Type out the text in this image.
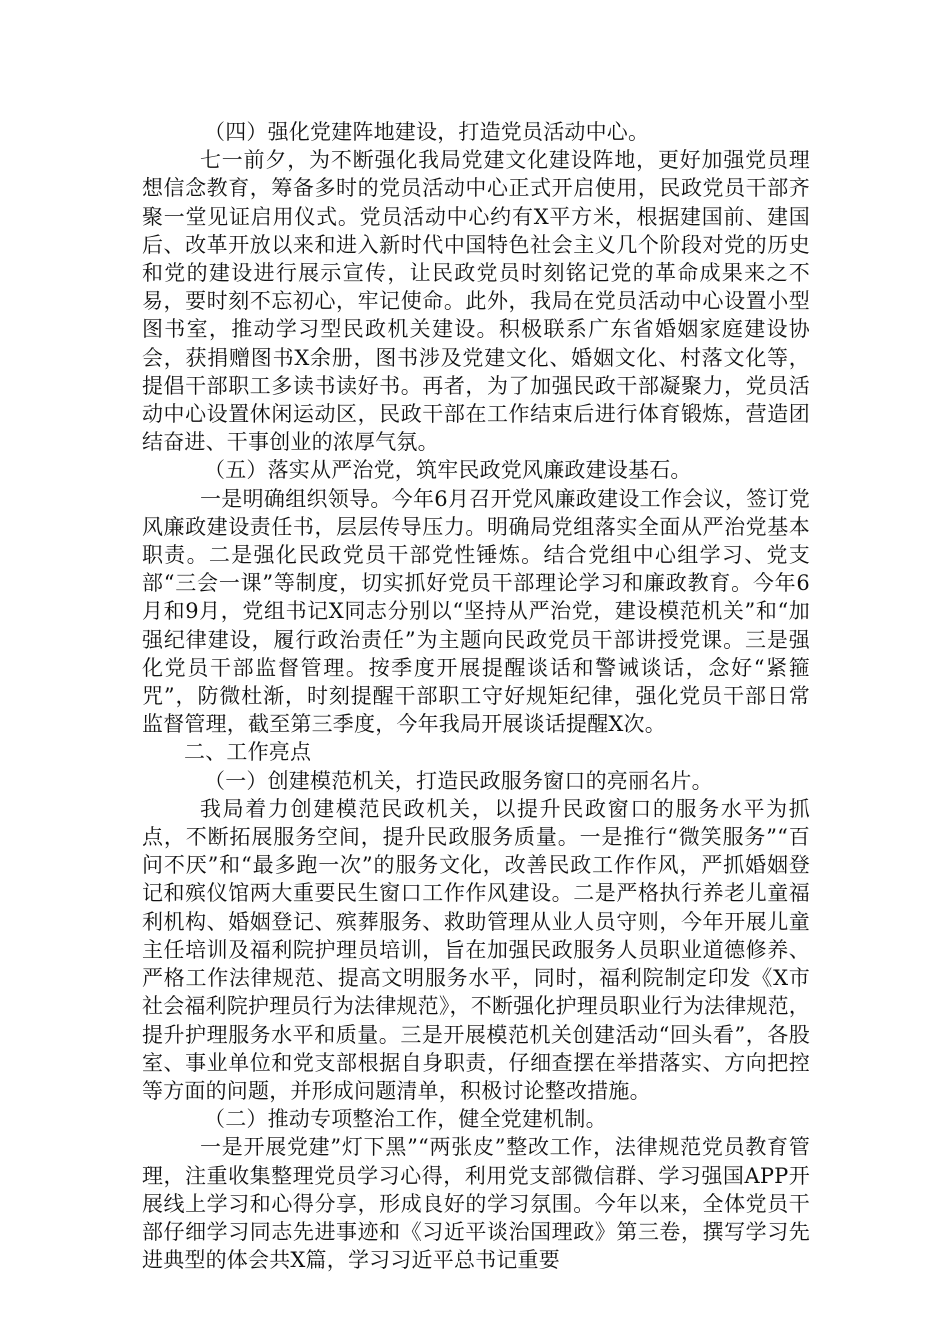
（四）强化党建阵地建设，打造党员活动中心。

七一前夕，为不断强化我局党建文化建设阵地，更好加强党员理想信念教育，筹备多时的党员活动中心正式开启使用，民政党员干部齐聚一堂见证启用仪式。党员活动中心约有X平方米，根据建国前、建国后、改革开放以来和进入新时代中国特色社会主义几个阶段对党的历史和党的建设进行展示宣传，让民政党员时刻铭记党的革命成果来之不易，要时刻不忘初心，牢记使命。此外，我局在党员活动中心设置小型图书室，推动学习型民政机关建设。积极联系广东省婚姻家庭建设协会，获捐赠图书X余册，图书涉及党建文化、婚姻文化、村落文化等，提倡干部职工多读书读好书。再者，为了加强民政干部凝聚力，党员活动中心设置休闲运动区，民政干部在工作结束后进行体育锻炼，营造团结奋进、干事创业的浓厚气氛。

（五）落实从严治党，筑牢民政党风廉政建设基石。

一是明确组织领导。今年6月召开党风廉政建设工作会议，签订党风廉政建设责任书，层层传导压力。明确局党组落实全面从严治党基本职责。二是强化民政党员干部党性锤炼。结合党组中心组学习、党支部“三会一课”等制度，切实抓好党员干部理论学习和廉政教育。今年6月和9月，党组书记X同志分别以“坚持从严治党，建设模范机关”和“加强纪律建设，履行政治责任”为主题向民政党员干部讲授党课。三是强化党员干部监督管理。按季度开展提醒谈话和警诫谈话，念好“紧箍咒”，防微杜渐，时刻提醒干部职工守好规矩纪律，强化党员干部日常监督管理，截至第三季度，今年我局开展谈话提醒X次。

二、工作亮点

（一）创建模范机关，打造民政服务窗口的亮丽名片。

我局着力创建模范民政机关，以提升民政窗口的服务水平为抓点，不断拓展服务空间，提升民政服务质量。一是推行“微笑服务”“百问不厌”和“最多跑一次”的服务文化，改善民政工作作风，严抓婚姻登记和殡仪馆两大重要民生窗口工作作风建设。二是严格执行养老儿童福利机构、婚姻登记、殡葬服务、救助管理从业人员守则，今年开展儿童主任培训及福利院护理员培训，旨在加强民政服务人员职业道德修养、严格工作法律规范、提高文明服务水平，同时，福利院制定印发《X市社会福利院护理员行为法律规范》，不断强化护理员职业行为法律规范，提升护理服务水平和质量。三是开展模范机关创建活动“回头看”，各股室、事业单位和党支部根据自身职责，仔细查摆在举措落实、方向把控等方面的问题，并形成问题清单，积极讨论整改措施。

（二）推动专项整治工作，健全党建机制。

一是开展党建”灯下黑”“两张皮”整改工作，法律规范党员教育管理，注重收集整理党员学习心得，利用党支部微信群、学习强国APP开展线上学习和心得分享，形成良好的学习氛围。今年以来，全体党员干部仔细学习同志先进事迹和《习近平谈治国理政》第三卷，撰写学习先进典型的体会共X篇，学习习近平总书记重要
